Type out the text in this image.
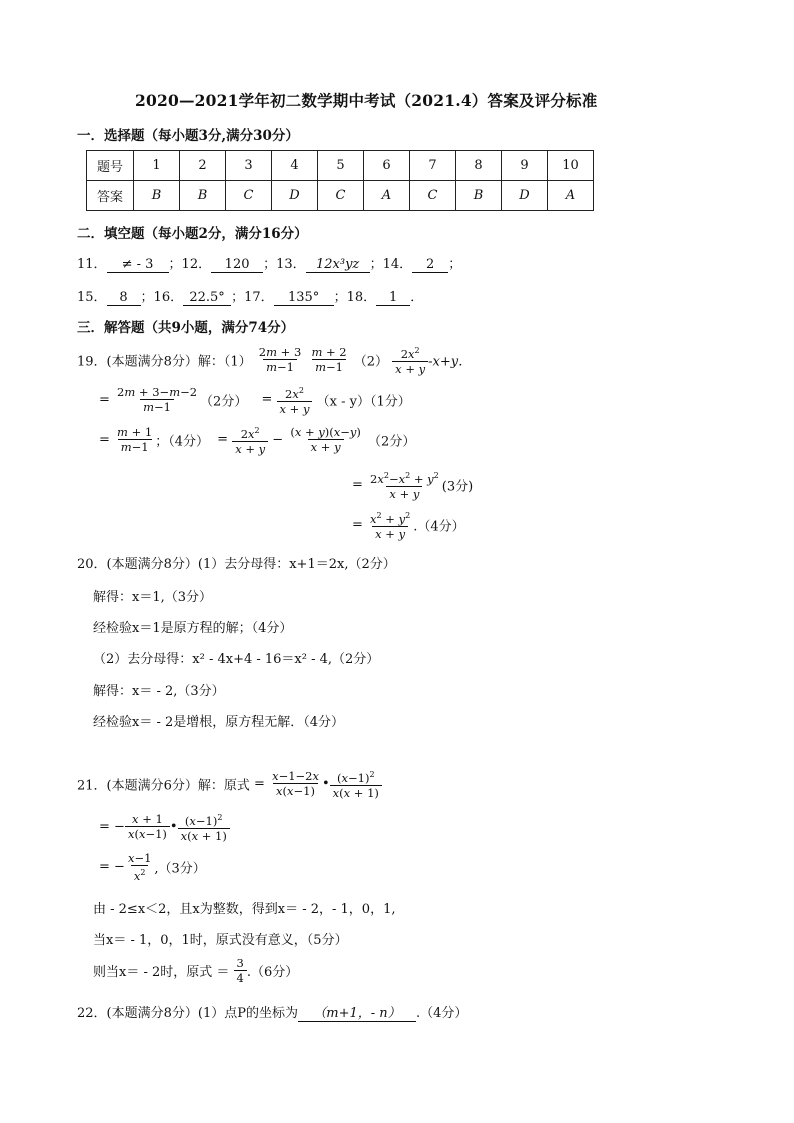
2020—2021学年初二数学期中考试（2021.4）答案及评分标准
一．选择题（每小题3分,满分30分）
题号	1	2	3	4	5	6	7	8	9	10
答案	B	B	C	D	C	A	C	B	D	A
二．填空题（每小题2分，满分16分）
11． ≠ - 3 ；12． 120 ；13． 12x³yz ；14． 2 ；
15． 8 ；16． 22.5° ；17． 135° ；18． 1 ．
三．解答题（共9小题，满分74分）
19．(本题满分8分）解：$(1) \frac{2m + 3}{m-1}$
$\frac{m + 2}{m-1} (2) \frac{2x^2}{x + y} -x+y$．
= $\frac{2m + 3-m-2}{m-1} (2$分） = $\frac{2x^2}{x + y} (x - y)(1$分）
= $\frac{m + 1}{m-1}$ ；（4分） = $\frac{2x^2}{x + y} - \frac{(x + y)(x-y)}{x + y} (2$分）
= $\frac{2x^2-x^2 + y^2}{x + y} (3$分)
= $\frac{x^2 + y^2}{x + y} .(4$分）
20．(本题满分8分）(1）去分母得：x+1＝2x,（2分）
解得：x＝1,（3分）
经检验x＝1是原方程的解；（4分）
（2）去分母得：x² - 4x+4 - 16＝x² - 4,（2分）
解得：x＝ - 2,（3分）
经检验x＝ - 2是增根，原方程无解．（4分）
21．(本题满分6分）解：原式 = $\frac{x-1-2x}{x(x-1)}$ • $\frac{(x-1)^2}{x(x + 1)}$
= − $\frac{x + 1}{x(x-1)}$ • $\frac{(x-1)^2}{x(x + 1)}$
= − $\frac{x-1}{x^2} ,(3$分）
由 - 2≤x＜2，且x为整数，得到x＝ - 2，- 1，0，1,
当x＝ - 1，0，1时，原式没有意义，（5分）
则当x＝ - 2时，原式 ＝ $\frac{3}{4} .(6$分）
22．(本题满分8分）(1）点P的坐标为 （m+1，- n） .（4分）
